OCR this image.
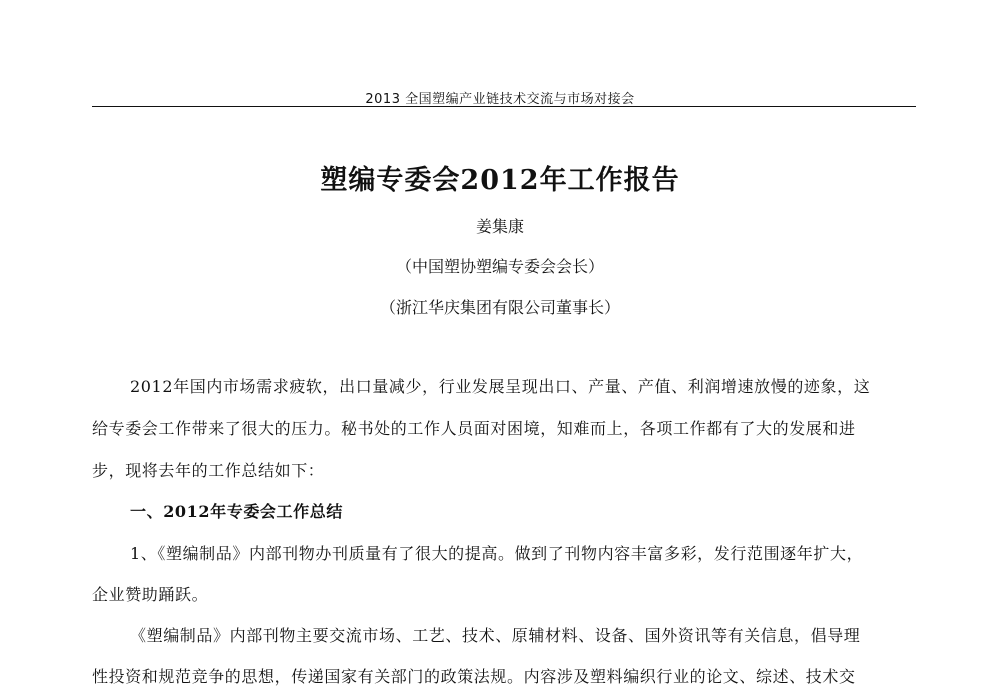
2013 全国塑编产业链技术交流与市场对接会
塑编专委会2012年工作报告
姜集康
（中国塑协塑编专委会会长）
（浙江华庆集团有限公司董事长）
2012年国内市场需求疲软，出口量减少，行业发展呈现出口、产量、产值、利润增速放慢的迹象，这
给专委会工作带来了很大的压力。秘书处的工作人员面对困境，知难而上，各项工作都有了大的发展和进
步，现将去年的工作总结如下：
一、2012年专委会工作总结
1、《塑编制品》内部刊物办刊质量有了很大的提高。做到了刊物内容丰富多彩，发行范围逐年扩大，
企业赞助踊跃。
《塑编制品》内部刊物主要交流市场、工艺、技术、原辅材料、设备、国外资讯等有关信息，倡导理
性投资和规范竞争的思想，传递国家有关部门的政策法规。内容涉及塑料编织行业的论文、综述、技术交
